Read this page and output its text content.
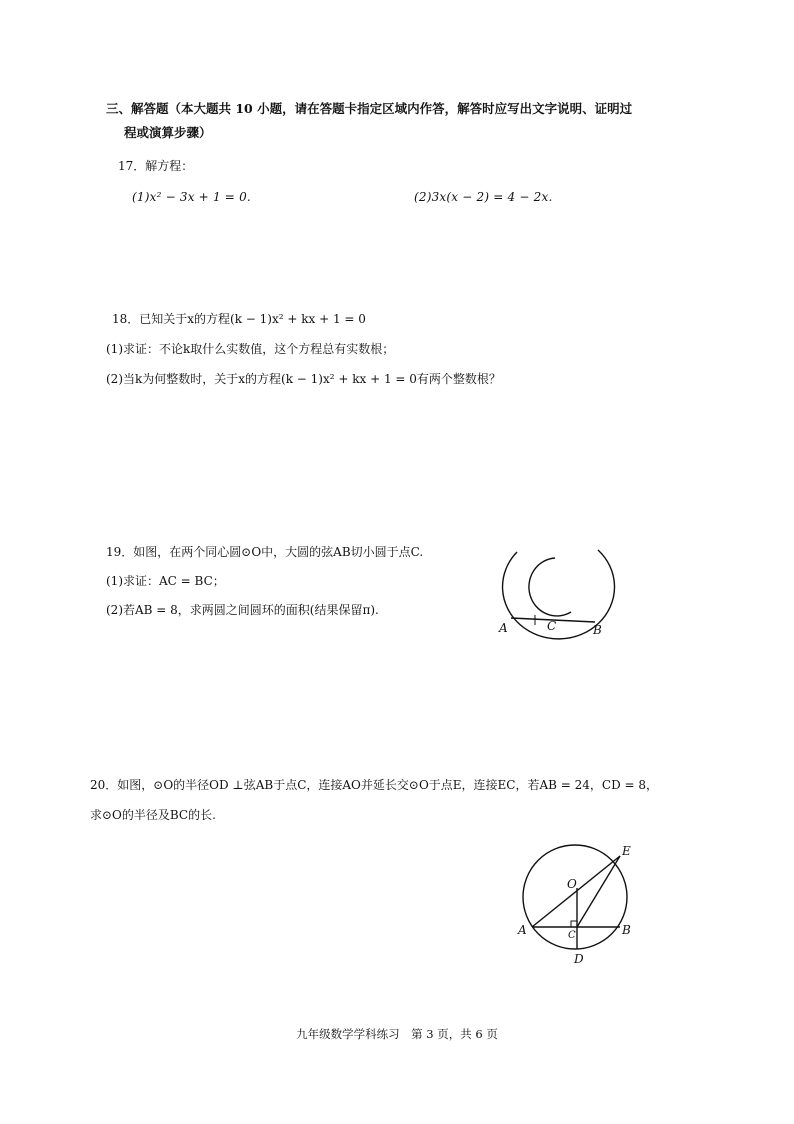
三、解答题（本大题共 10 小题，请在答题卡指定区域内作答，解答时应写出文字说明、证明过
程或演算步骤）
17．解方程：
(1)x² − 3x + 1 = 0.	(2)3x(x − 2) = 4 − 2x.
18．已知关于x的方程(k − 1)x² + kx + 1 = 0
(1)求证：不论k取什么实数值，这个方程总有实数根；
(2)当k为何整数时，关于x的方程(k − 1)x² + kx + 1 = 0有两个整数根？
19．如图，在两个同心圆⊙O中，大圆的弦AB切小圆于点C.
(1)求证：AC = BC；
(2)若AB = 8，求两圆之间圆环的面积(结果保留π).
A	C	B
20．如图，⊙O的半径OD ⊥弦AB于点C，连接AO并延长交⊙O于点E，连接EC，若AB = 24，CD = 8，
求⊙O的半径及BC的长.
A	B
C
D
E
O
九年级数学学科练习　第 3 页，共 6 页
